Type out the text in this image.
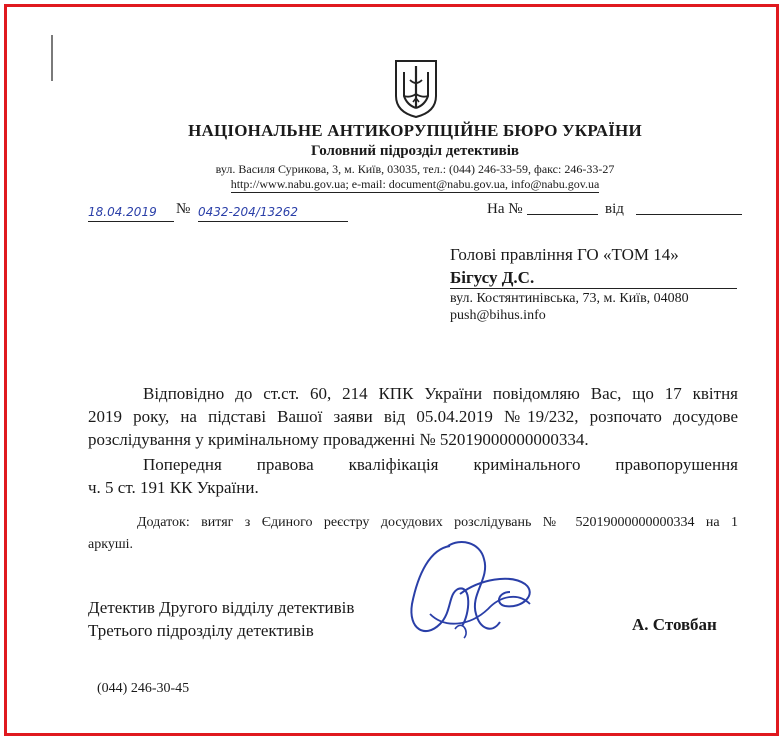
НАЦІОНАЛЬНЕ АНТИКОРУПЦІЙНЕ БЮРО УКРАЇНИ
Головний підрозділ детективів
вул. Василя Сурикова, 3, м. Київ, 03035, тел.: (044) 246-33-59, факс: 246-33-27
http://www.nabu.gov.ua; e-mail: document@nabu.gov.ua, info@nabu.gov.ua
18.04.2019	№ 0432-204/13262	На №	від
Голові правління ГО «ТОМ 14»
Бігусу Д.С.
вул. Костянтинівська, 73, м. Київ, 04080
push@bihus.info
Відповідно до ст.ст. 60, 214 КПК України повідомляю Вас, що 17 квітня
2019 року, на підставі Вашої заяви від 05.04.2019 №19/232, розпочато досудове
розслідування у кримінальному провадженні № 52019000000000334.
Попередня правова кваліфікація кримінального правопорушення
ч. 5 ст. 191 КК України.
Додаток: витяг з Єдиного реєстру досудових розслідувань № 52019000000000334 на 1
аркуші.
Детектив Другого відділу детективів
Третього підрозділу детективів	А. Стовбан
(044) 246-30-45
